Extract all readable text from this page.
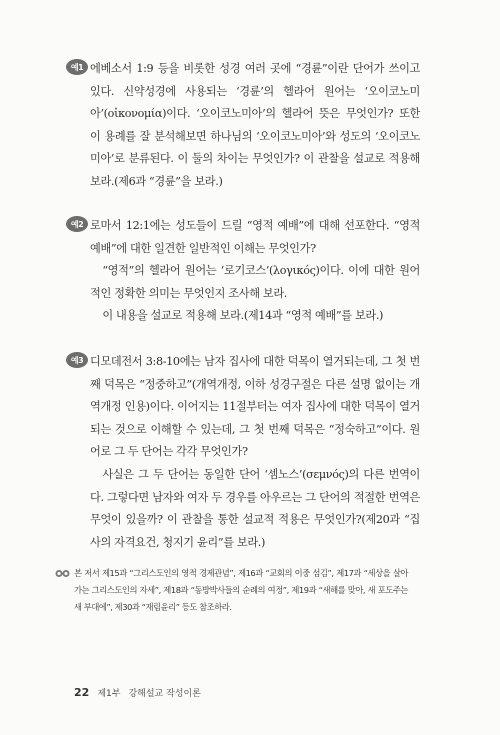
예1 에베소서 1:9 등을 비롯한 성경 여러 곳에 “경륜”이란 단어가 쓰이고 있다. 신약성경에 사용되는 ‘경륜’의 헬라어 원어는 ‘오이코노미아’(οἰκονομία)이다. ‘오이코노미아’의 헬라어 뜻은 무엇인가? 또한 이 용례를 잘 분석해보면 하나님의 ‘오이코노미아’와 성도의 ‘오이코노미아’로 분류된다. 이 둘의 차이는 무엇인가? 이 관찰을 설교로 적용해 보라.(제6과 “경륜”을 보라.)

예2 로마서 12:1에는 성도들이 드릴 “영적 예배”에 대해 선포한다. “영적 예배”에 대한 일견한 일반적인 이해는 무엇인가?

“영적”의 헬라어 원어는 ‘로기코스’(λογικός)이다. 이에 대한 원어적인 정확한 의미는 무엇인지 조사해 보라.

이 내용을 설교로 적용해 보라.(제14과 “영적 예배”를 보라.)

예3 디모데전서 3:8-10에는 남자 집사에 대한 덕목이 열거되는데, 그 첫 번째 덕목은 “정중하고”(개역개정, 이하 성경구절은 다른 설명 없이는 개역개정 인용)이다. 이어지는 11절부터는 여자 집사에 대한 덕목이 열거되는 것으로 이해할 수 있는데, 그 첫 번째 덕목은 “정숙하고”이다. 원어로 그 두 단어는 각각 무엇인가?

사실은 그 두 단어는 동일한 단어 ‘셈노스’(σεμνός)의 다른 번역이다. 그렇다면 남자와 여자 두 경우를 아우르는 그 단어의 적절한 번역은 무엇이 있을까? 이 관찰을 통한 설교적 적용은 무엇인가?(제20과 “집사의 자격요건, 청지기 윤리”를 보라.)

본 저서 제15과 “그리스도인의 영적 경제관념”, 제16과 “교회의 이중 섬김”, 제17과 “세상을 살아가는 그리스도인의 자세”, 제18과 “동방박사들의 순례의 여정”, 제19과 “새해를 맞아, 새 포도주는 새 부대에”, 제30과 “재림윤리” 등도 참조하라.
22 제1부 강해설교 작성이론
